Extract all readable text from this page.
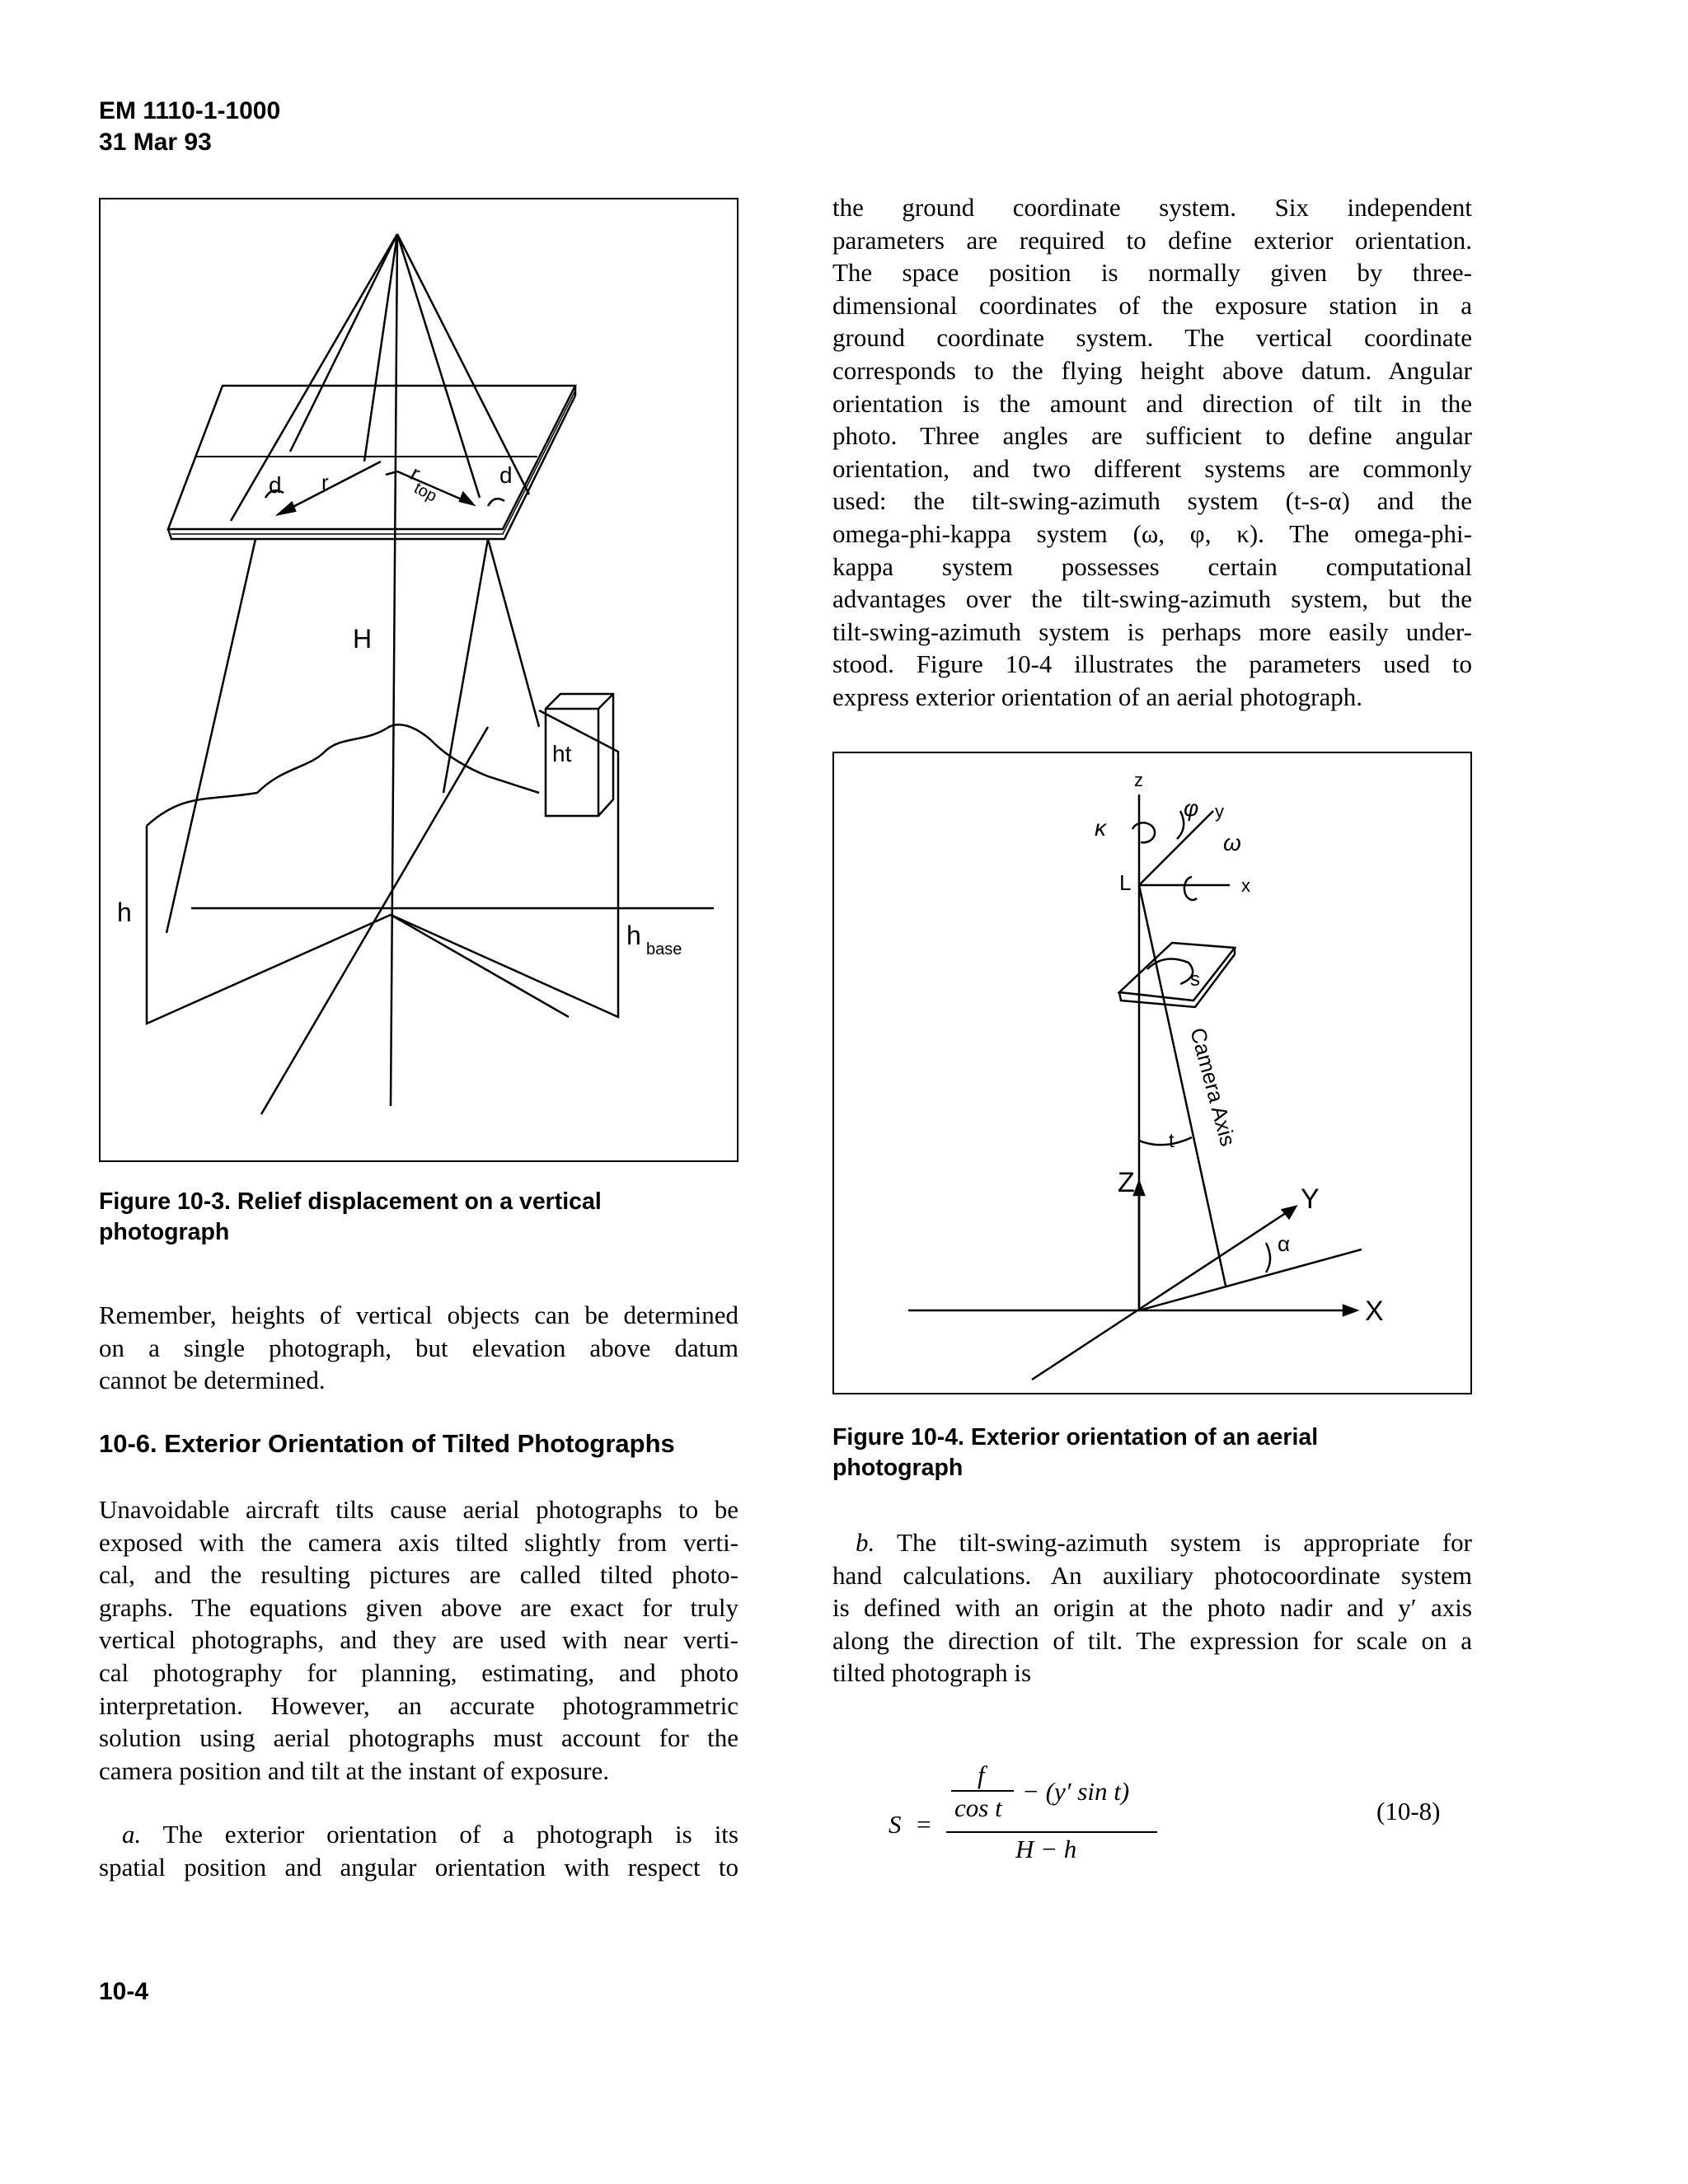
EM 1110-1-1000
31 Mar 93
d	d
r	r
top
H
ht
h
h base
Figure 10-3. Relief displacement on a vertical
photograph
Remember, heights of vertical objects can be determined
on a single photograph, but elevation above datum
cannot be determined.
10-6. Exterior Orientation of Tilted Photographs
Unavoidable aircraft tilts cause aerial photographs to be
exposed with the camera axis tilted slightly from verti-
cal, and the resulting pictures are called tilted photo-
graphs. The equations given above are exact for truly
vertical photographs, and they are used with near verti-
cal photography for planning, estimating, and photo
interpretation. However, an accurate photogrammetric
solution using aerial photographs must account for the
camera position and tilt at the instant of exposure.
a. The exterior orientation of a photograph is its
spatial position and angular orientation with respect to
the ground coordinate system. Six independent
parameters are required to define exterior orientation.
The space position is normally given by three-
dimensional coordinates of the exposure station in a
ground coordinate system. The vertical coordinate
corresponds to the flying height above datum. Angular
orientation is the amount and direction of tilt in the
photo. Three angles are sufficient to define angular
orientation, and two different systems are commonly
used: the tilt-swing-azimuth system (t-s-α) and the
omega-phi-kappa system (ω, φ, κ). The omega-phi-
kappa system possesses certain computational
advantages over the tilt-swing-azimuth system, but the
tilt-swing-azimuth system is perhaps more easily under-
stood. Figure 10-4 illustrates the parameters used to
express exterior orientation of an aerial photograph.
z
y
x
κ
φ
ω
L
s
Camera Axis
t
Z
Y
X
α
Figure 10-4. Exterior orientation of an aerial
photograph
b. The tilt-swing-azimuth system is appropriate for
hand calculations. An auxiliary photocoordinate system
is defined with an origin at the photo nadir and y′ axis
along the direction of tilt. The expression for scale on a
tilted photograph is
S =
f
cos t
− (y′ sin t)
H − h
(10-8)
10-4
